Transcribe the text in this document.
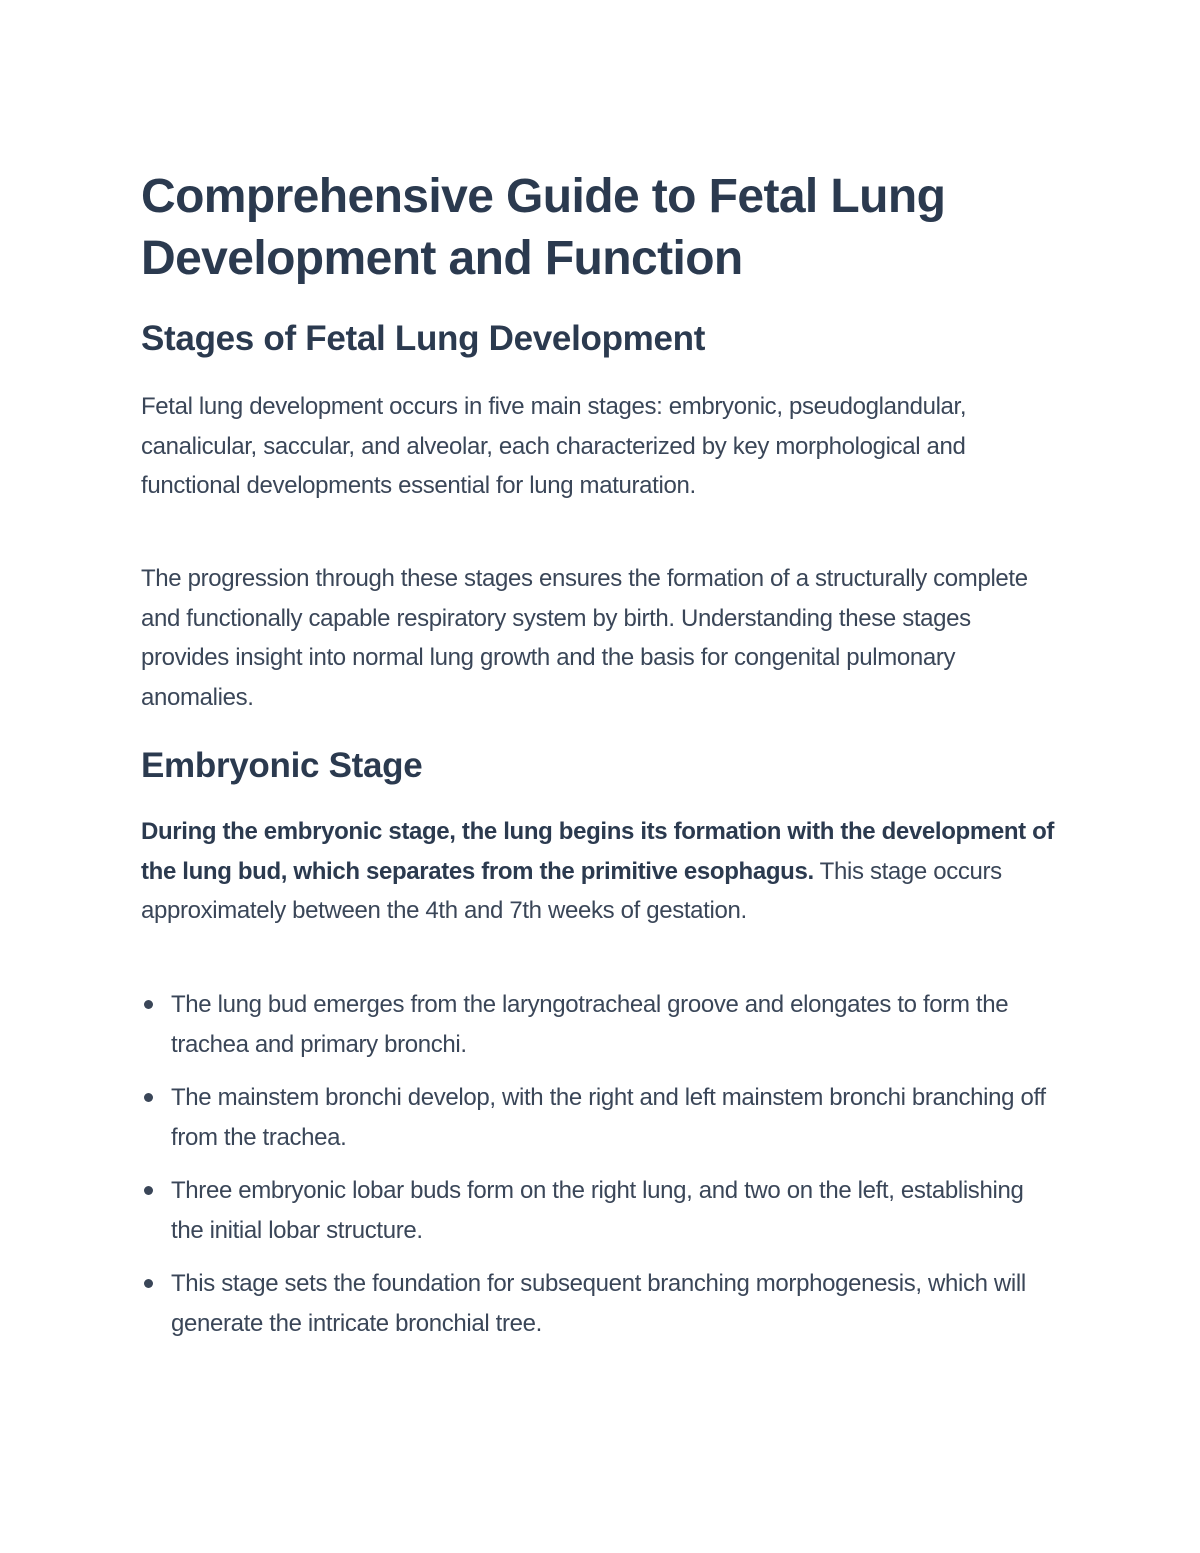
Comprehensive Guide to Fetal Lung Development and Function
Stages of Fetal Lung Development

Fetal lung development occurs in five main stages: embryonic, pseudoglandular, canalicular, saccular, and alveolar, each characterized by key morphological and functional developments essential for lung maturation.

The progression through these stages ensures the formation of a structurally complete and functionally capable respiratory system by birth. Understanding these stages provides insight into normal lung growth and the basis for congenital pulmonary anomalies.

Embryonic Stage

During the embryonic stage, the lung begins its formation with the development of the lung bud, which separates from the primitive esophagus. This stage occurs approximately between the 4th and 7th weeks of gestation.

The lung bud emerges from the laryngotracheal groove and elongates to form the trachea and primary bronchi.
The mainstem bronchi develop, with the right and left mainstem bronchi branching off from the trachea.
Three embryonic lobar buds form on the right lung, and two on the left, establishing the initial lobar structure.
This stage sets the foundation for subsequent branching morphogenesis, which will generate the intricate bronchial tree.
